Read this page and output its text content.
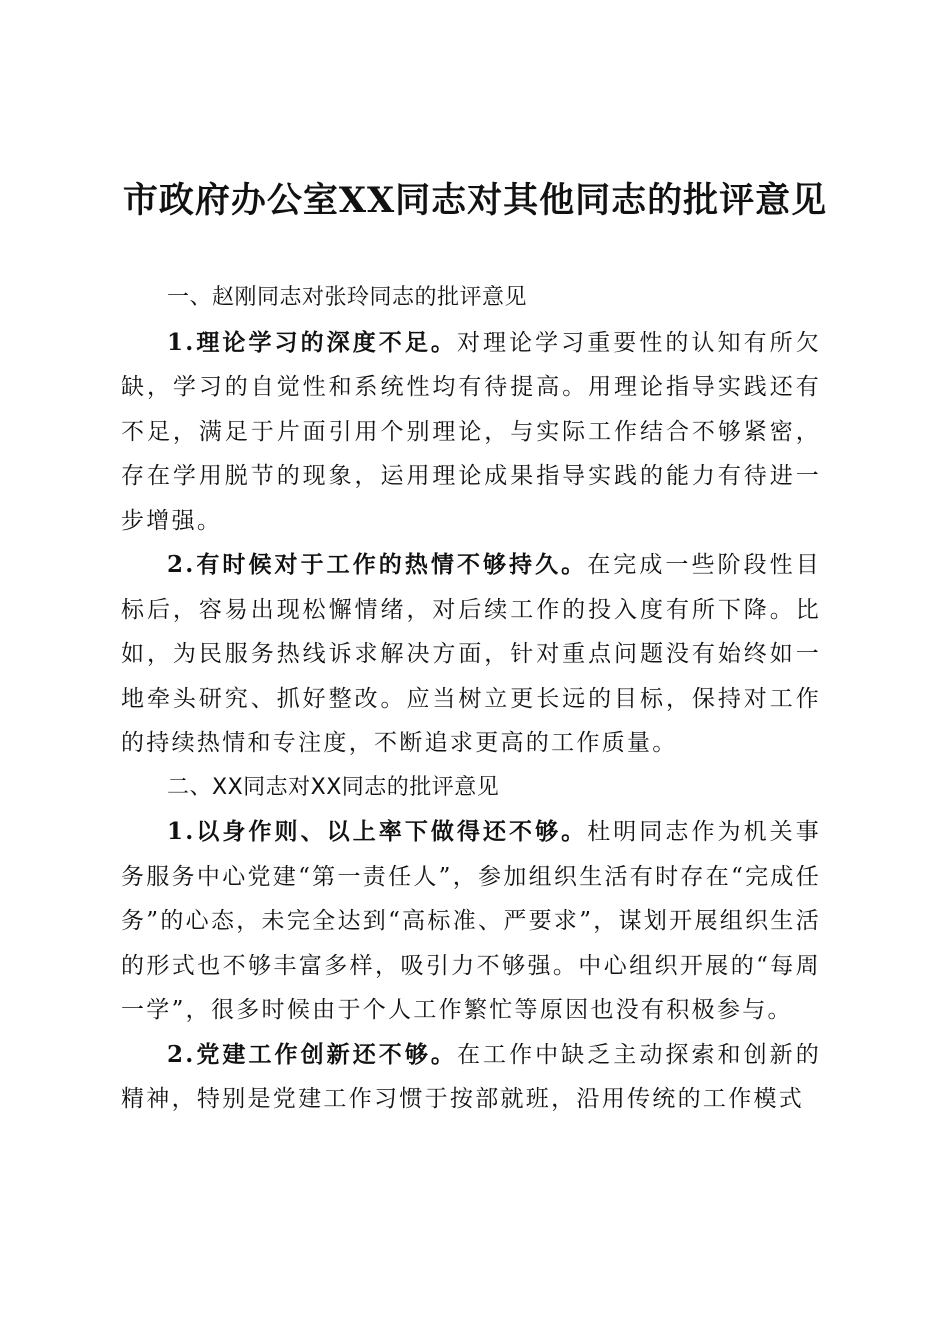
市政府办公室XX同志对其他同志的批评意见

一、赵刚同志对张玲同志的批评意见

1.理论学习的深度不足。对理论学习重要性的认知有所欠缺，学习的自觉性和系统性均有待提高。用理论指导实践还有不足，满足于片面引用个别理论，与实际工作结合不够紧密，存在学用脱节的现象，运用理论成果指导实践的能力有待进一步增强。

2.有时候对于工作的热情不够持久。在完成一些阶段性目标后，容易出现松懈情绪，对后续工作的投入度有所下降。比如，为民服务热线诉求解决方面，针对重点问题没有始终如一地牵头研究、抓好整改。应当树立更长远的目标，保持对工作的持续热情和专注度，不断追求更高的工作质量。

二、XX同志对XX同志的批评意见

1.以身作则、以上率下做得还不够。杜明同志作为机关事务服务中心党建“第一责任人”，参加组织生活有时存在“完成任务”的心态，未完全达到“高标准、严要求”，谋划开展组织生活的形式也不够丰富多样，吸引力不够强。中心组织开展的“每周一学”，很多时候由于个人工作繁忙等原因也没有积极参与。

2.党建工作创新还不够。在工作中缺乏主动探索和创新的精神，特别是党建工作习惯于按部就班，沿用传统的工作模式
